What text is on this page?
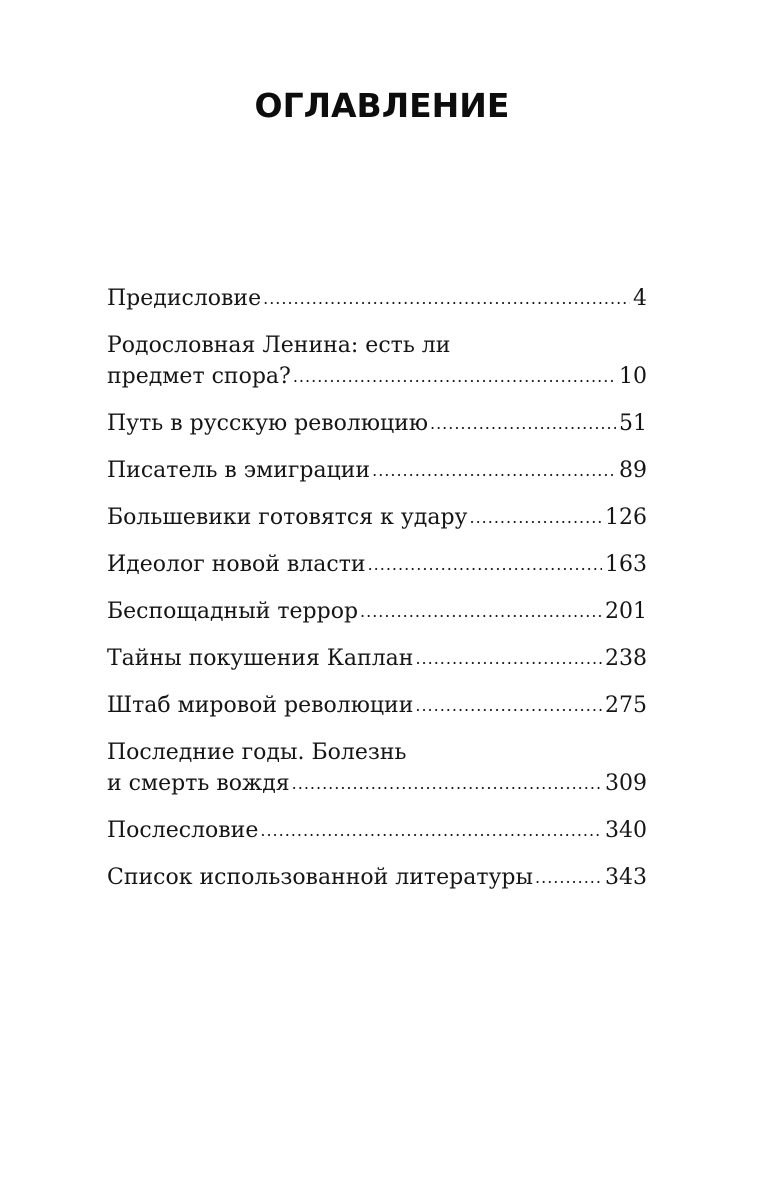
ОГЛАВЛЕНИЕ
Предисловие .....	4
Родословная Ленина: есть ли
предмет спора? .....	10
Путь в русскую революцию .....	51
Писатель в эмиграции .....	89
Большевики готовятся к удару .....	126
Идеолог новой власти .....	163
Беспощадный террор .....	201
Тайны покушения Каплан .....	238
Штаб мировой революции .....	275
Последние годы. Болезнь
и смерть вождя .....	309
Послесловие .....	340
Список использованной литературы .....	343
